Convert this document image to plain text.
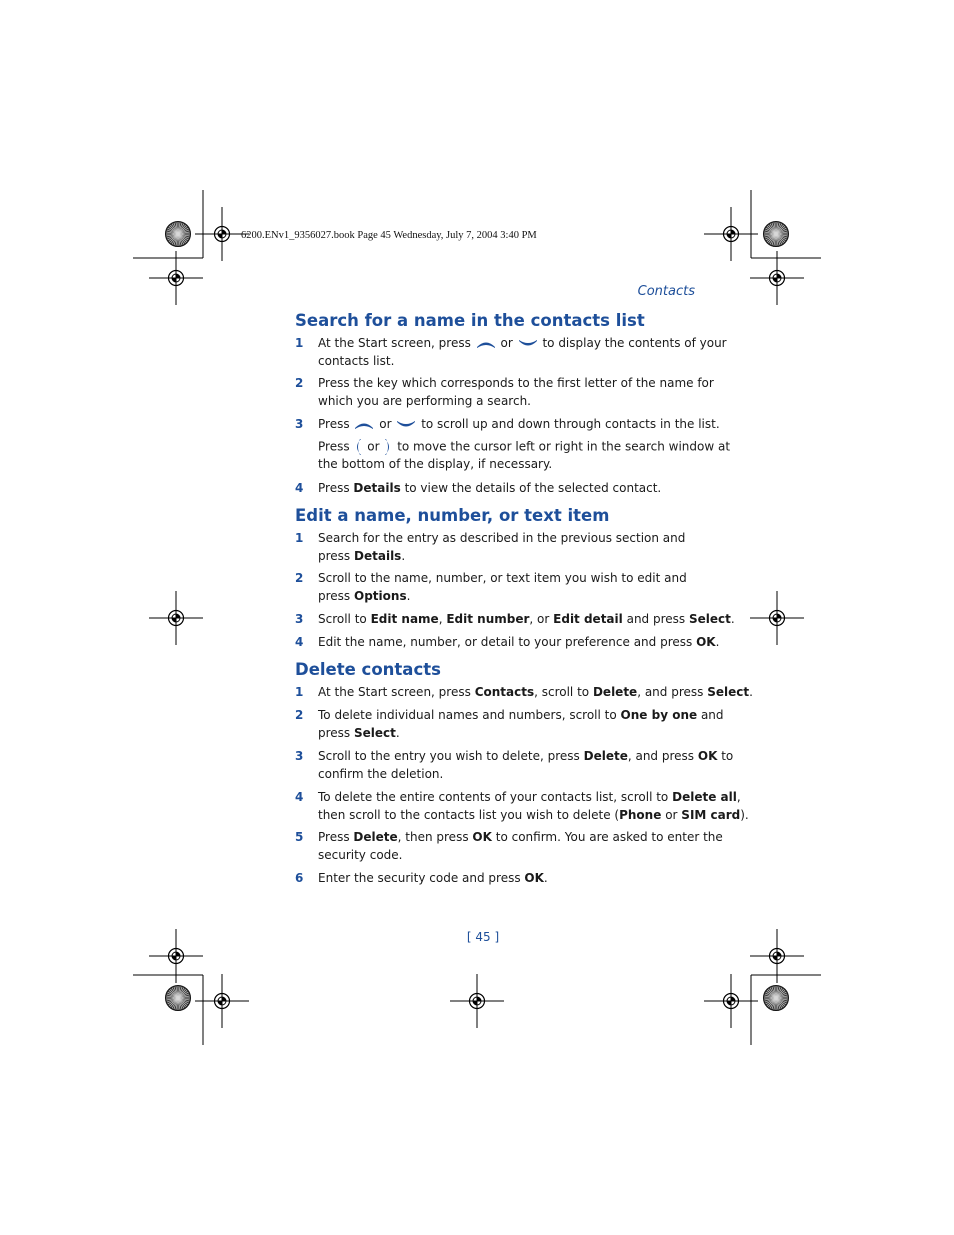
6200.ENv1_9356027.book Page 45 Wednesday, July 7, 2004 3:40 PM
Contacts
Search for a name in the contacts list
1	At the Start screen, press or to display the contents of your
contacts list.
2	Press the key which corresponds to the first letter of the name for
which you are performing a search.
3	Press or to scroll up and down through contacts in the list.
Press or to move the cursor left or right in the search window at
the bottom of the display, if necessary.
4	Press Details to view the details of the selected contact.
Edit a name, number, or text item
1	Search for the entry as described in the previous section and
press Details.
2	Scroll to the name, number, or text item you wish to edit and
press Options.
3	Scroll to Edit name, Edit number, or Edit detail and press Select.
4	Edit the name, number, or detail to your preference and press OK.
Delete contacts
1	At the Start screen, press Contacts, scroll to Delete, and press Select.
2	To delete individual names and numbers, scroll to One by one and
press Select.
3	Scroll to the entry you wish to delete, press Delete, and press OK to
confirm the deletion.
4	To delete the entire contents of your contacts list, scroll to Delete all,
then scroll to the contacts list you wish to delete (Phone or SIM card).
5	Press Delete, then press OK to confirm. You are asked to enter the
security code.
6	Enter the security code and press OK.
[ 45 ]
